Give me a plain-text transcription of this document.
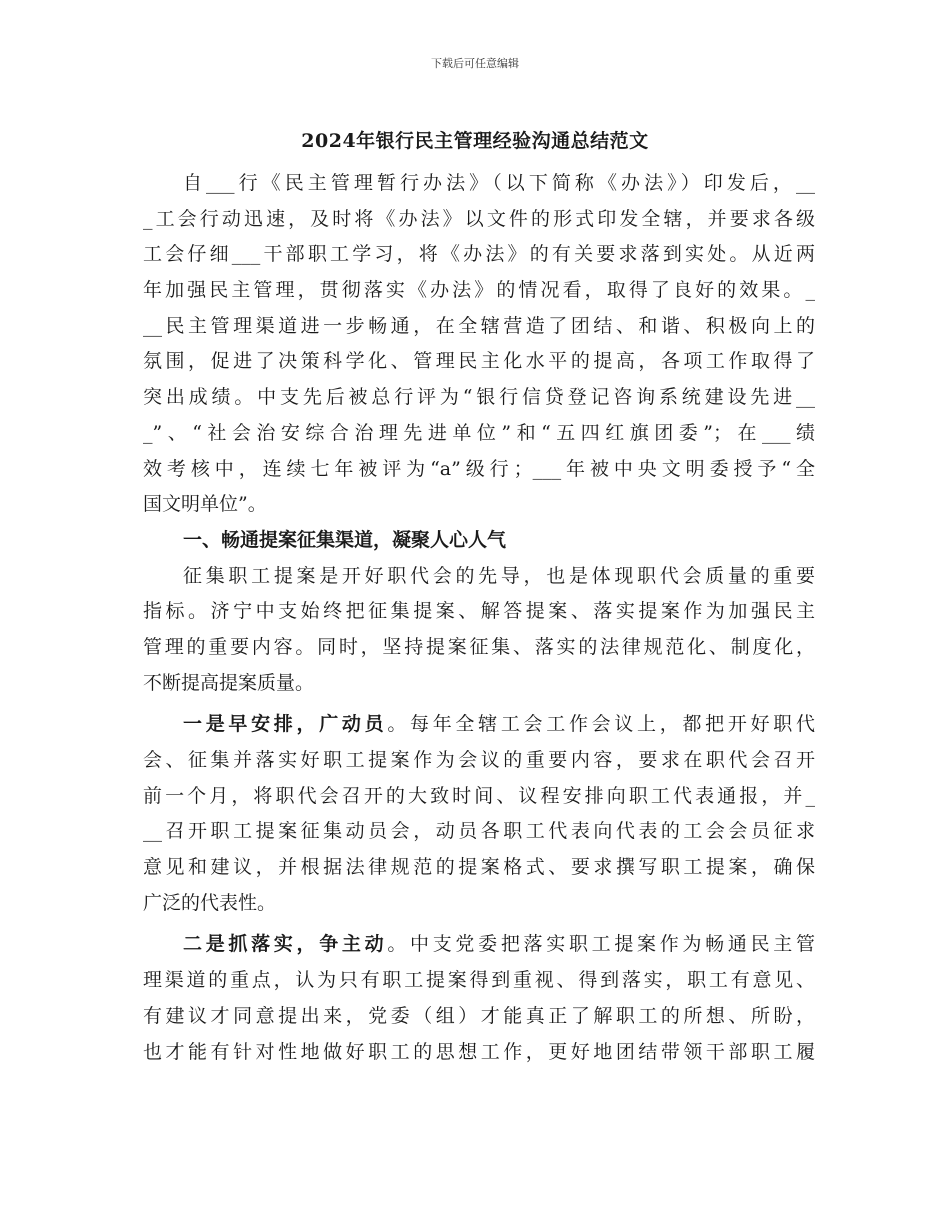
下载后可任意编辑
2024年银行民主管理经验沟通总结范文
自___行《民主管理暂行办法》（以下简称《办法》）印发后，__
_工会行动迅速，及时将《办法》以文件的形式印发全辖，并要求各级
工会仔细___干部职工学习，将《办法》的有关要求落到实处。从近两
年加强民主管理，贯彻落实《办法》的情况看，取得了良好的效果。_
__民主管理渠道进一步畅通，在全辖营造了团结、和谐、积极向上的
氛围，促进了决策科学化、管理民主化水平的提高，各项工作取得了
突出成绩。中支先后被总行评为“银行信贷登记咨询系统建设先进__
_”、“社会治安综合治理先进单位”和“五四红旗团委”；在___绩
效考核中，连续七年被评为“a”级行；___年被中央文明委授予“全
国文明单位”。
一、畅通提案征集渠道，凝聚人心人气
征集职工提案是开好职代会的先导，也是体现职代会质量的重要
指标。济宁中支始终把征集提案、解答提案、落实提案作为加强民主
管理的重要内容。同时，坚持提案征集、落实的法律规范化、制度化，
不断提高提案质量。
一是早安排，广动员。每年全辖工会工作会议上，都把开好职代
会、征集并落实好职工提案作为会议的重要内容，要求在职代会召开
前一个月，将职代会召开的大致时间、议程安排向职工代表通报，并_
__召开职工提案征集动员会，动员各职工代表向代表的工会会员征求
意见和建议，并根据法律规范的提案格式、要求撰写职工提案，确保
广泛的代表性。
二是抓落实，争主动。中支党委把落实职工提案作为畅通民主管
理渠道的重点，认为只有职工提案得到重视、得到落实，职工有意见、
有建议才同意提出来，党委（组）才能真正了解职工的所想、所盼，
也才能有针对性地做好职工的思想工作，更好地团结带领干部职工履
